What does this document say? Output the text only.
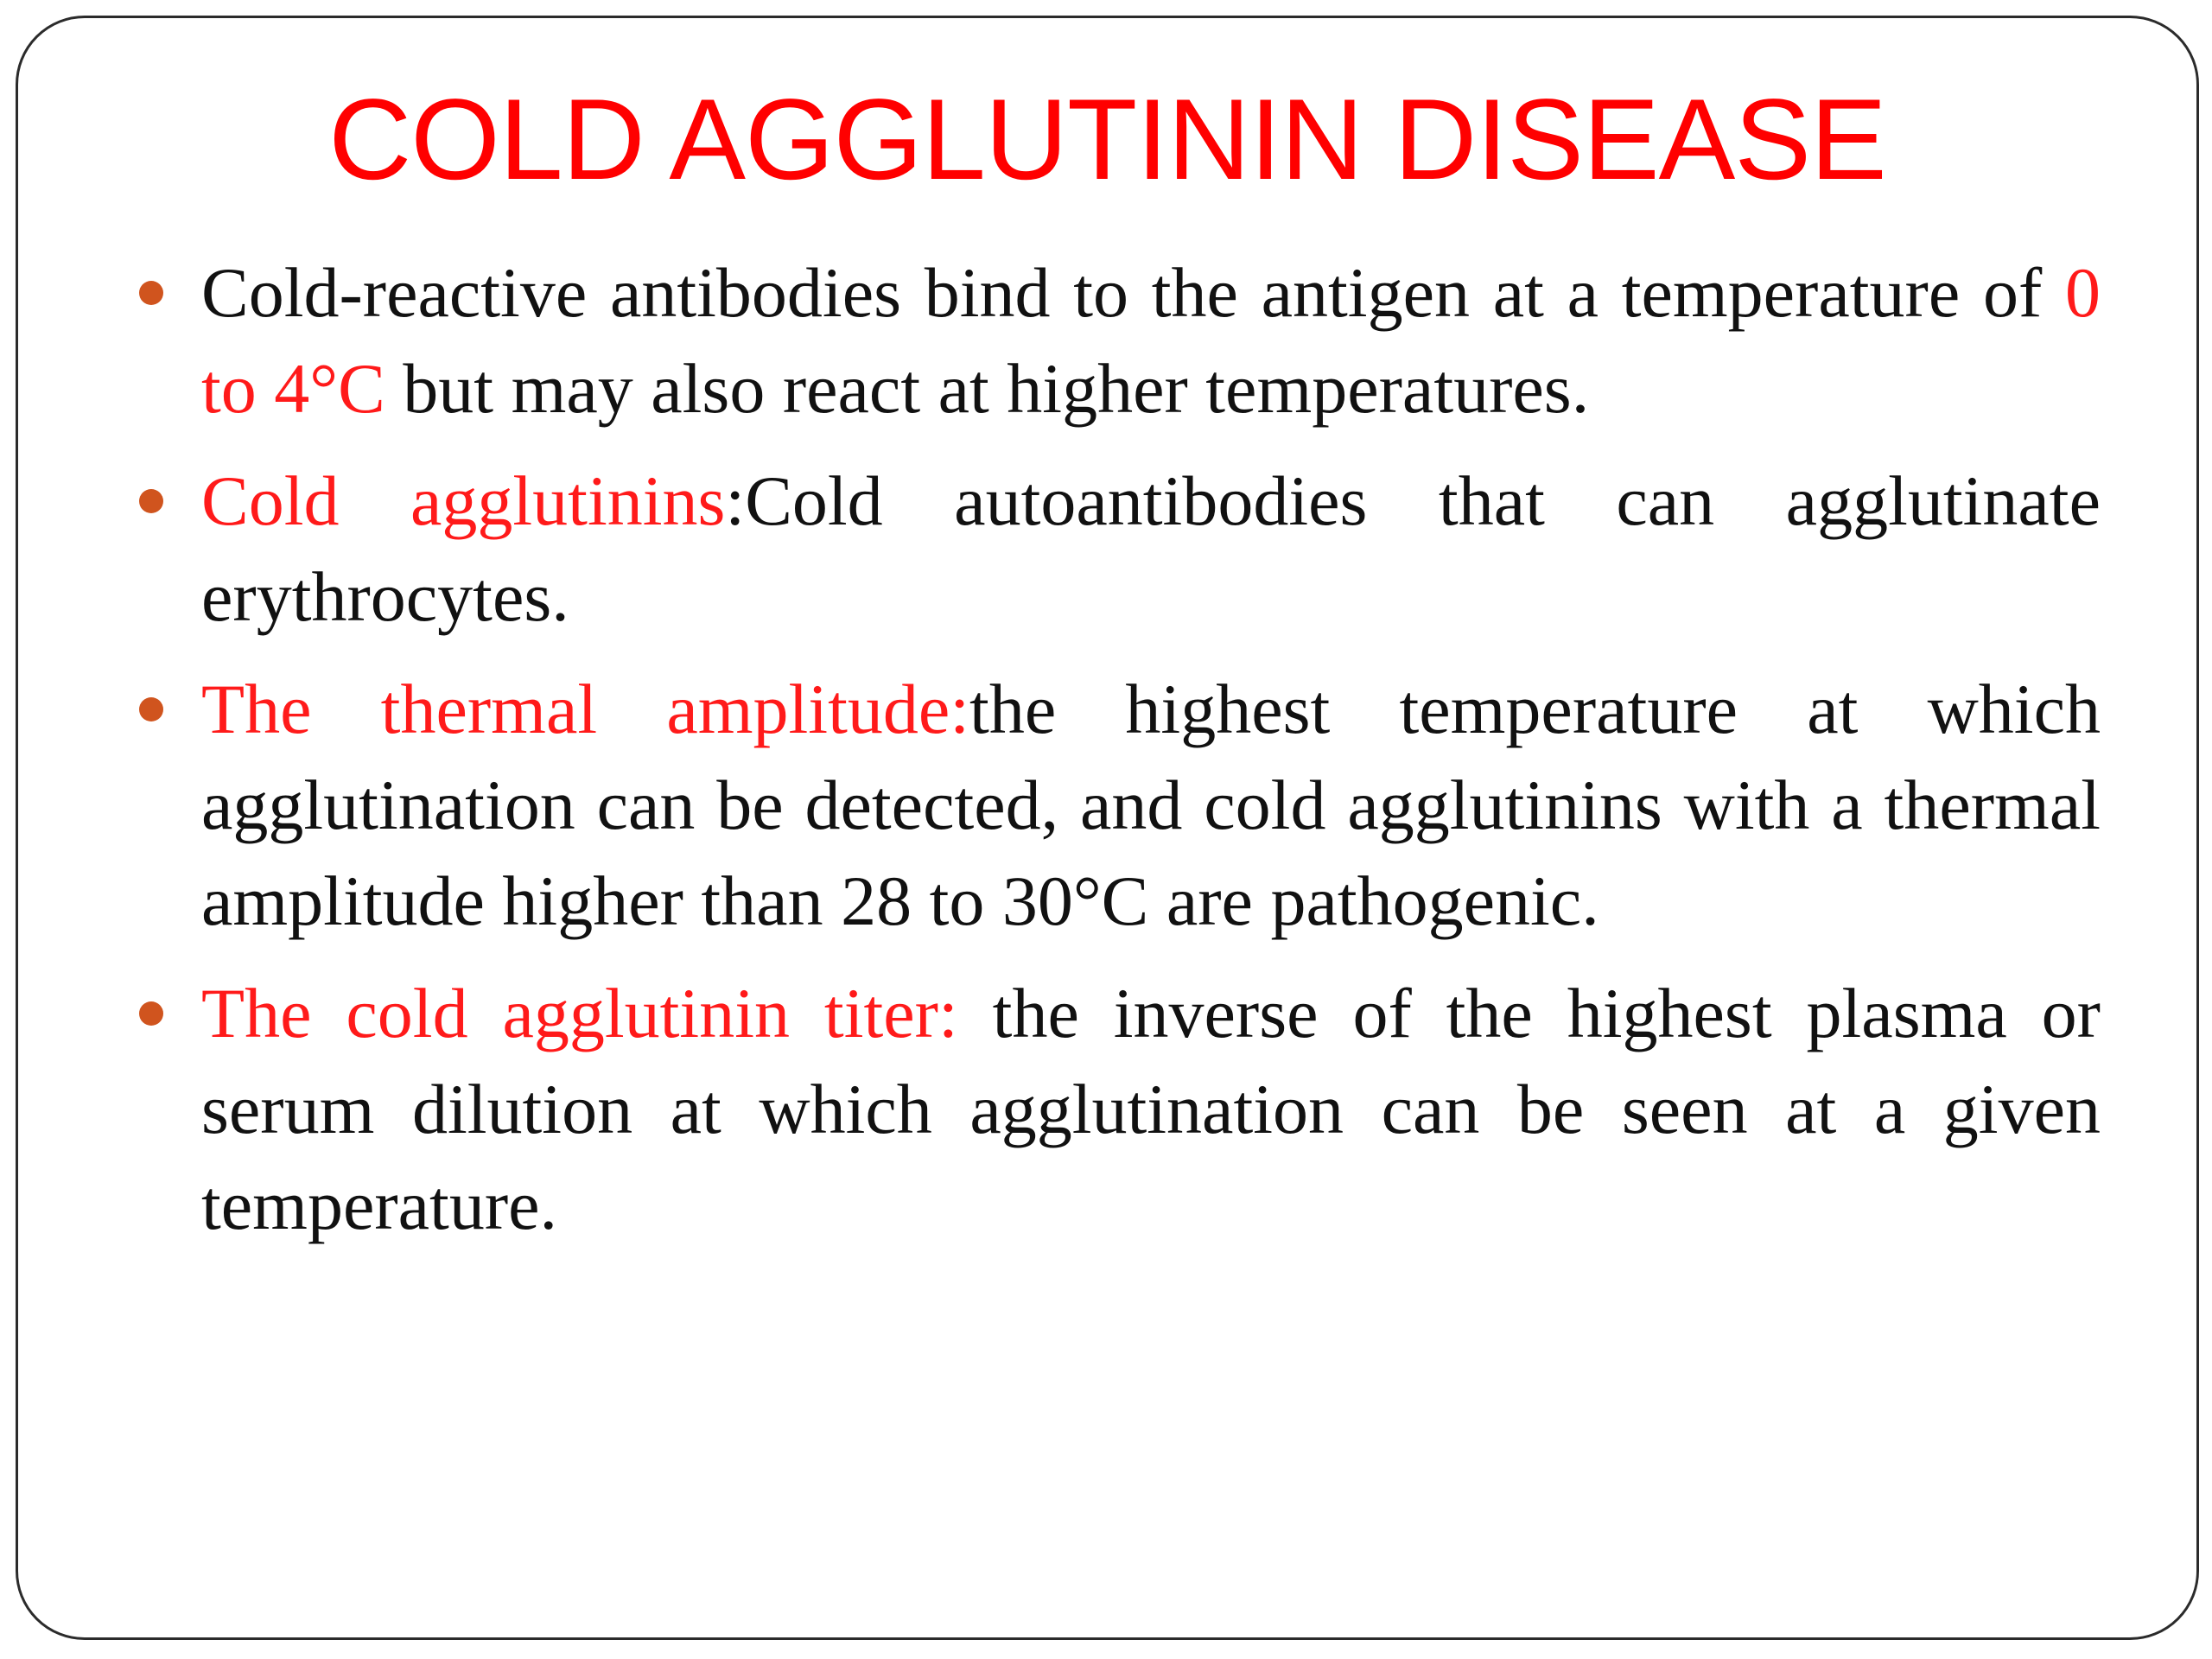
COLD AGGLUTININ DISEASE
Cold-reactive antibodies bind to the antigen at a temperature of 0 to 4°C but may also react at higher temperatures.
Cold agglutinins:Cold autoantibodies that can agglutinate erythrocytes.
The thermal amplitude:the highest temperature at which agglutination can be detected, and cold agglutinins with a thermal amplitude higher than 28 to 30°C are pathogenic.
The cold agglutinin titer: the inverse of the highest plasma or serum dilution at which agglutination can be seen at a given temperature.
